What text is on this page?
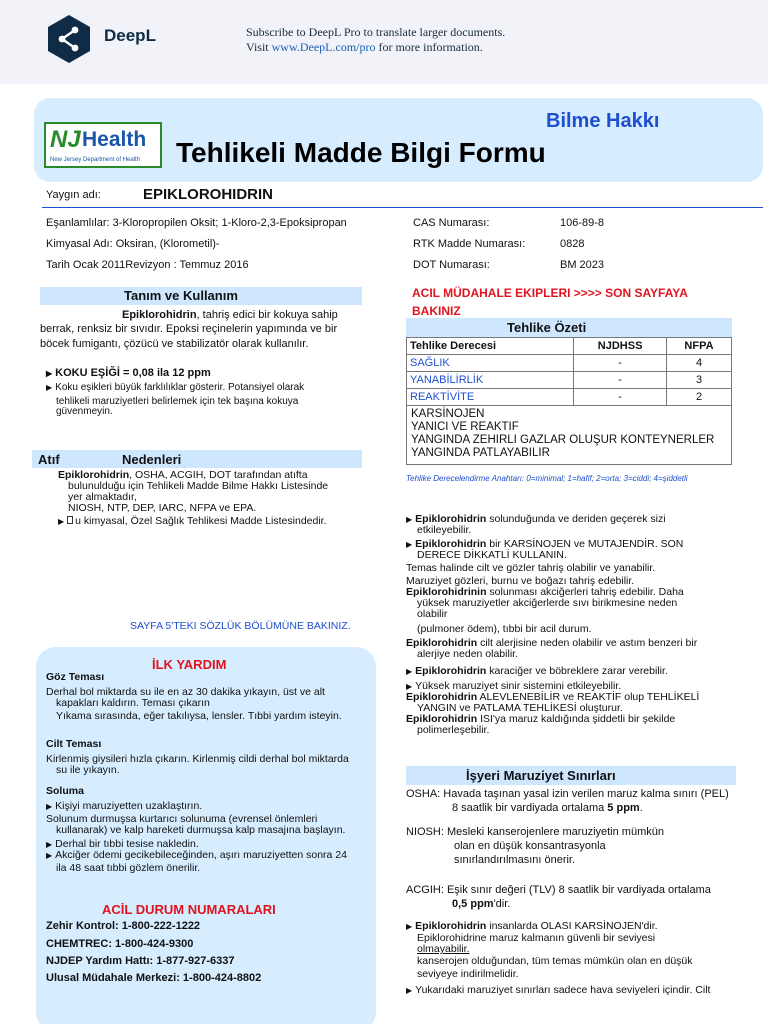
DeepL	Subscribe to DeepL Pro to translate larger documents.
Visit www.DeepL.com/pro for more information.
NJ Health
New Jersey Department of Health
Bilme Hakkı
Tehlikeli Madde Bilgi Formu
Yaygın adı:	EPIKLOROHIDRIN
Eşanlamlılar: 3-Kloropropilen Oksit; 1-Kloro-2,3-Epoksipropan
Kimyasal Adı: Oksiran, (Klorometil)-
Tarih Ocak 2011Revizyon : Temmuz 2016
CAS Numarası:	106-89-8
RTK Madde Numarası:	0828
DOT Numarası:	BM 2023
Tanım ve Kullanım
Epiklorohidrin, tahriş edici bir kokuya sahip
berrak, renksiz bir sıvıdır. Epoksi reçinelerin yapımında ve bir
böcek fumigantı, çözücü ve stabilizatör olarak kullanılır.
▶ KOKU EŞİĞİ = 0,08 ila 12 ppm
▶ Koku eşikleri büyük farklılıklar gösterir. Potansiyel olarak
tehlikeli maruziyetleri belirlemek için tek başına kokuya
güvenmeyin.
Atıf	Nedenleri
Epiklorohidrin, OSHA, ACGIH, DOT tarafından atıfta
bulunulduğu için Tehlikeli Madde Bilme Hakkı Listesinde
yer almaktadır,
NIOSH, NTP, DEP, IARC, NFPA ve EPA.
▶ u kimyasal, Özel Sağlık Tehlikesi Madde Listesindedir.
SAYFA 5'TEKI SÖZLÜK BÖLÜMÜNE BAKINIZ.
İLK YARDIM
Göz Teması
Derhal bol miktarda su ile en az 30 dakika yıkayın, üst ve alt
kapakları kaldırın. Teması çıkarın
Yıkama sırasında, eğer takılıysa, lensler. Tıbbi yardım isteyin.
Cilt Teması
Kirlenmiş giysileri hızla çıkarın. Kirlenmiş cildi derhal bol miktarda
su ile yıkayın.
Soluma
▶ Kişiyi maruziyetten uzaklaştırın.
Solunum durmuşsa kurtarıcı solunuma (evrensel önlemleri
kullanarak) ve kalp hareketi durmuşsa kalp masajına başlayın.
▶ Derhal bir tıbbi tesise nakledin.
▶ Akciğer ödemi gecikebileceğinden, aşırı maruziyetten sonra 24
ila 48 saat tıbbi gözlem önerilir.
ACİL DURUM NUMARALARI
Zehir Kontrol: 1-800-222-1222
CHEMTREC: 1-800-424-9300
NJDEP Yardım Hattı: 1-877-927-6337
Ulusal Müdahale Merkezi: 1-800-424-8802
ACIL MÜDAHALE EKIPLERI >>>> SON SAYFAYA
BAKINIZ
Tehlike Özeti
Tehlike Derecesi	NJDHSS	NFPA
SAĞLIK	-	4
YANABİLİRLİK	-	3
REAKTİVİTE	-	2

KARSİNOJEN
YANICI VE REAKTIF
YANGINDA ZEHIRLI GAZLAR OLUŞUR KONTEYNERLER
YANGINDA PATLAYABILIR		
Tehlike Derecelendirme Anahtarı: 0=minimal; 1=hafif; 2=orta; 3=ciddi; 4=şiddetli
▶ Epiklorohidrin solunduğunda ve deriden geçerek sizi
etkileyebilir.
▶ Epiklorohidrin bir KARSİNOJEN ve MUTAJENDİR. SON
DERECE DİKKATLİ KULLANIN.
Temas halinde cilt ve gözler tahriş olabilir ve yanabilir.
Maruziyet gözleri, burnu ve boğazı tahriş edebilir.
Epiklorohidrinin solunması akciğerleri tahriş edebilir. Daha
yüksek maruziyetler akciğerlerde sıvı birikmesine neden
olabilir
(pulmoner ödem), tıbbi bir acil durum.
Epiklorohidrin cilt alerjisine neden olabilir ve astım benzeri bir
alerjiye neden olabilir.
▶ Epiklorohidrin karaciğer ve böbreklere zarar verebilir.
▶ Yüksek maruziyet sinir sistemini etkileyebilir.
Epiklorohidrin ALEVLENEBİLİR ve REAKTİF olup TEHLİKELİ
YANGIN ve PATLAMA TEHLİKESİ oluşturur.
Epiklorohidrin ISI'ya maruz kaldığında şiddetli bir şekilde
polimerleşebilir.
İşyeri Maruziyet Sınırları
OSHA: Havada taşınan yasal izin verilen maruz kalma sınırı (PEL)
8 saatlik bir vardiyada ortalama 5 ppm.
NIOSH: Mesleki kanserojenlere maruziyetin mümkün
olan en düşük konsantrasyonla
sınırlandırılmasını önerir.
ACGIH: Eşik sınır değeri (TLV) 8 saatlik bir vardiyada ortalama
0,5 ppm'dir.
▶ Epiklorohidrin insanlarda OLASI KARSİNOJEN'dir.
Epiklorohidrine maruz kalmanın güvenli bir seviyesi
olmayabilir.
kanserojen olduğundan, tüm temas mümkün olan en düşük
seviyeye indirilmelidir.
▶ Yukarıdaki maruziyet sınırları sadece hava seviyeleri içindir. Cilt
